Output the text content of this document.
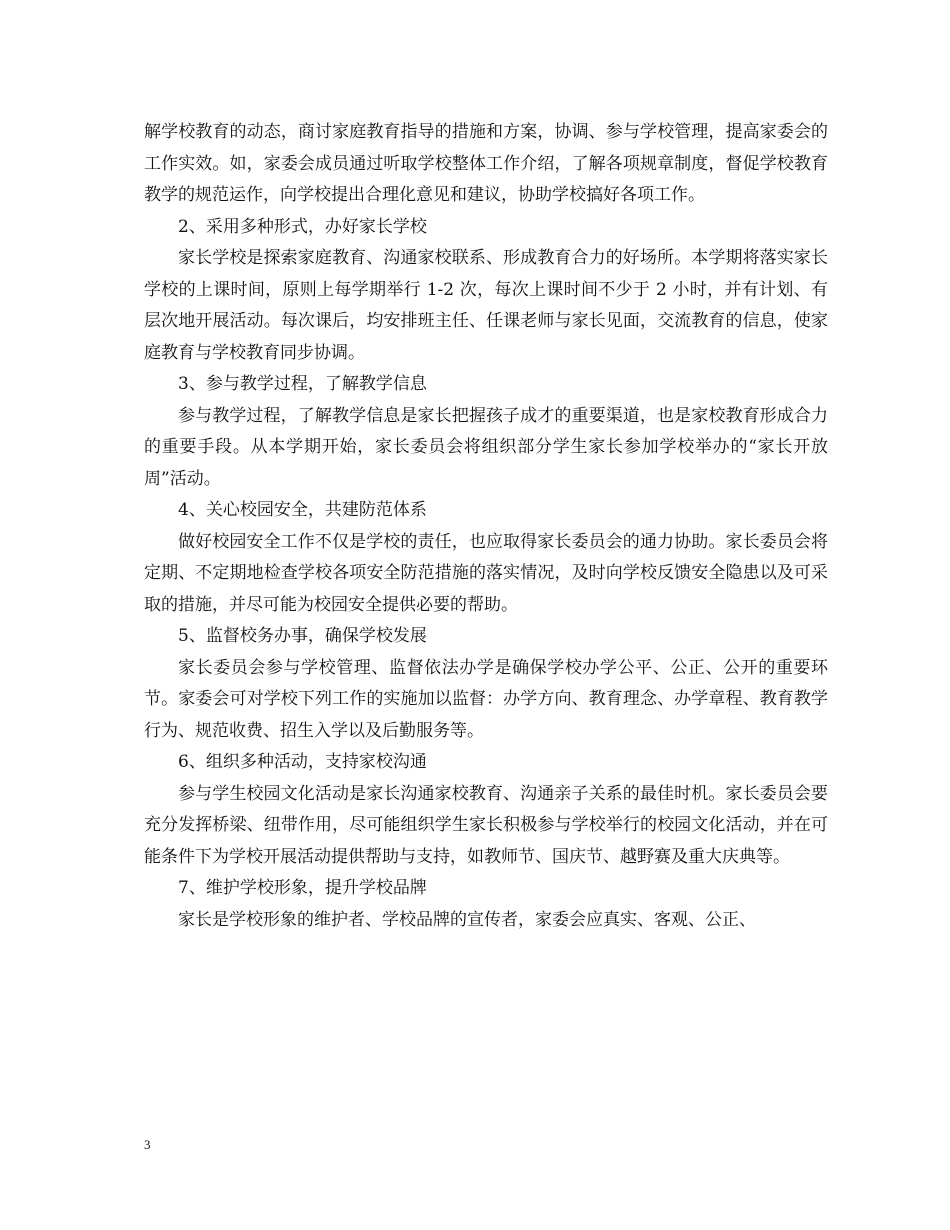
解学校教育的动态，商讨家庭教育指导的措施和方案，协调、参与学校管理，提高家委会的工作实效。如，家委会成员通过听取学校整体工作介绍，了解各项规章制度，督促学校教育教学的规范运作，向学校提出合理化意见和建议，协助学校搞好各项工作。

2、采用多种形式，办好家长学校

家长学校是探索家庭教育、沟通家校联系、形成教育合力的好场所。本学期将落实家长学校的上课时间，原则上每学期举行 1-2 次，每次上课时间不少于 2 小时，并有计划、有层次地开展活动。每次课后，均安排班主任、任课老师与家长见面，交流教育的信息，使家庭教育与学校教育同步协调。

3、参与教学过程，了解教学信息

参与教学过程，了解教学信息是家长把握孩子成才的重要渠道，也是家校教育形成合力的重要手段。从本学期开始，家长委员会将组织部分学生家长参加学校举办的“家长开放周”活动。

4、关心校园安全，共建防范体系

做好校园安全工作不仅是学校的责任，也应取得家长委员会的通力协助。家长委员会将定期、不定期地检查学校各项安全防范措施的落实情况，及时向学校反馈安全隐患以及可采取的措施，并尽可能为校园安全提供必要的帮助。

5、监督校务办事，确保学校发展

家长委员会参与学校管理、监督依法办学是确保学校办学公平、公正、公开的重要环节。家委会可对学校下列工作的实施加以监督：办学方向、教育理念、办学章程、教育教学行为、规范收费、招生入学以及后勤服务等。

6、组织多种活动，支持家校沟通

参与学生校园文化活动是家长沟通家校教育、沟通亲子关系的最佳时机。家长委员会要充分发挥桥梁、纽带作用，尽可能组织学生家长积极参与学校举行的校园文化活动，并在可能条件下为学校开展活动提供帮助与支持，如教师节、国庆节、越野赛及重大庆典等。

7、维护学校形象，提升学校品牌

家长是学校形象的维护者、学校品牌的宣传者，家委会应真实、客观、公正、

3
